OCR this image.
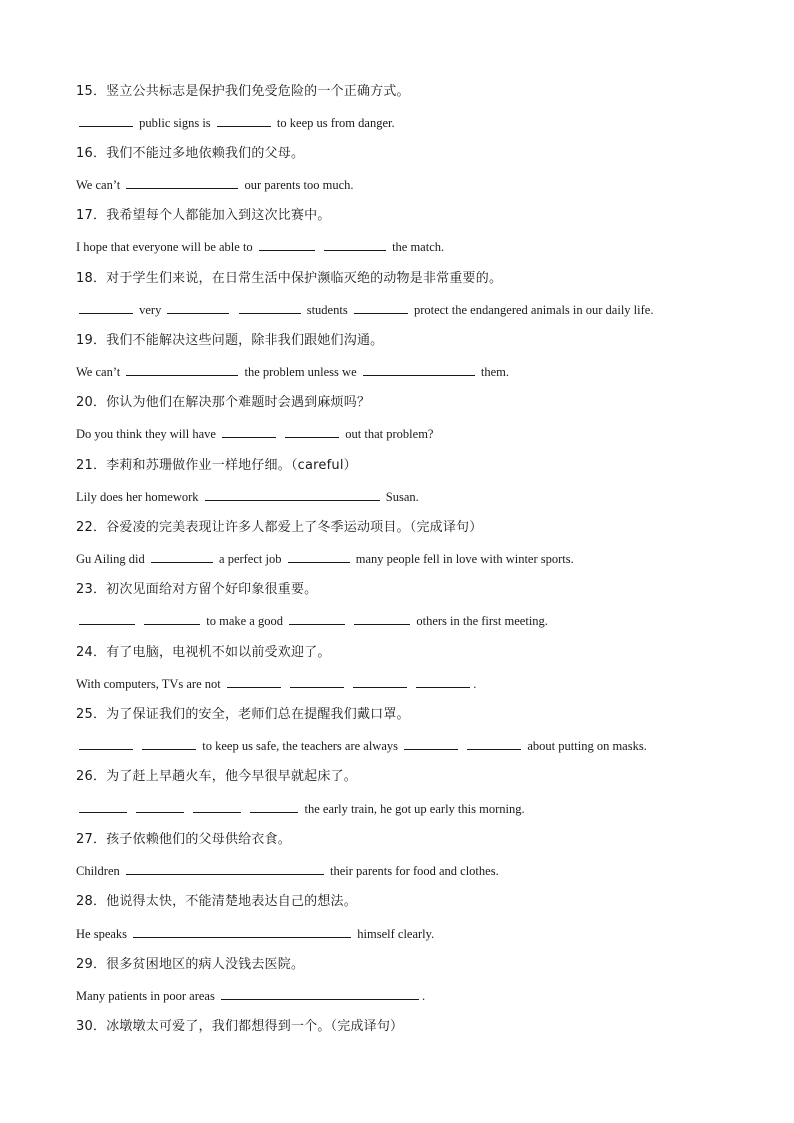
15．竖立公共标志是保护我们免受危险的一个正确方式。
public signs is	to keep us from danger.
16．我们不能过多地依赖我们的父母。
We can’t	our parents too much.
17．我希望每个人都能加入到这次比赛中。
I hope that everyone will be able to	the match.
18．对于学生们来说，在日常生活中保护濒临灭绝的动物是非常重要的。
very	students	protect the endangered animals in our daily life.
19．我们不能解决这些问题，除非我们跟她们沟通。
We can’t	the problem unless we	them.
20．你认为他们在解决那个难题时会遇到麻烦吗？
Do you think they will have	out that problem?
21．李莉和苏珊做作业一样地仔细。（careful）
Lily does her homework	Susan.
22．谷爱凌的完美表现让许多人都爱上了冬季运动项目。（完成译句）
Gu Ailing did	a perfect job	many people fell in love with winter sports.
23．初次见面给对方留个好印象很重要。
to make a good	others in the first meeting.
24．有了电脑，电视机不如以前受欢迎了。
With computers, TVs are not	.
25．为了保证我们的安全，老师们总在提醒我们戴口罩。
to keep us safe, the teachers are always	about putting on masks.
26．为了赶上早趟火车，他今早很早就起床了。
the early train, he got up early this morning.
27．孩子依赖他们的父母供给衣食。
Children	their parents for food and clothes.
28．他说得太快，不能清楚地表达自己的想法。
He speaks	himself clearly.
29．很多贫困地区的病人没钱去医院。
Many patients in poor areas	.
30．冰墩墩太可爱了，我们都想得到一个。（完成译句）
